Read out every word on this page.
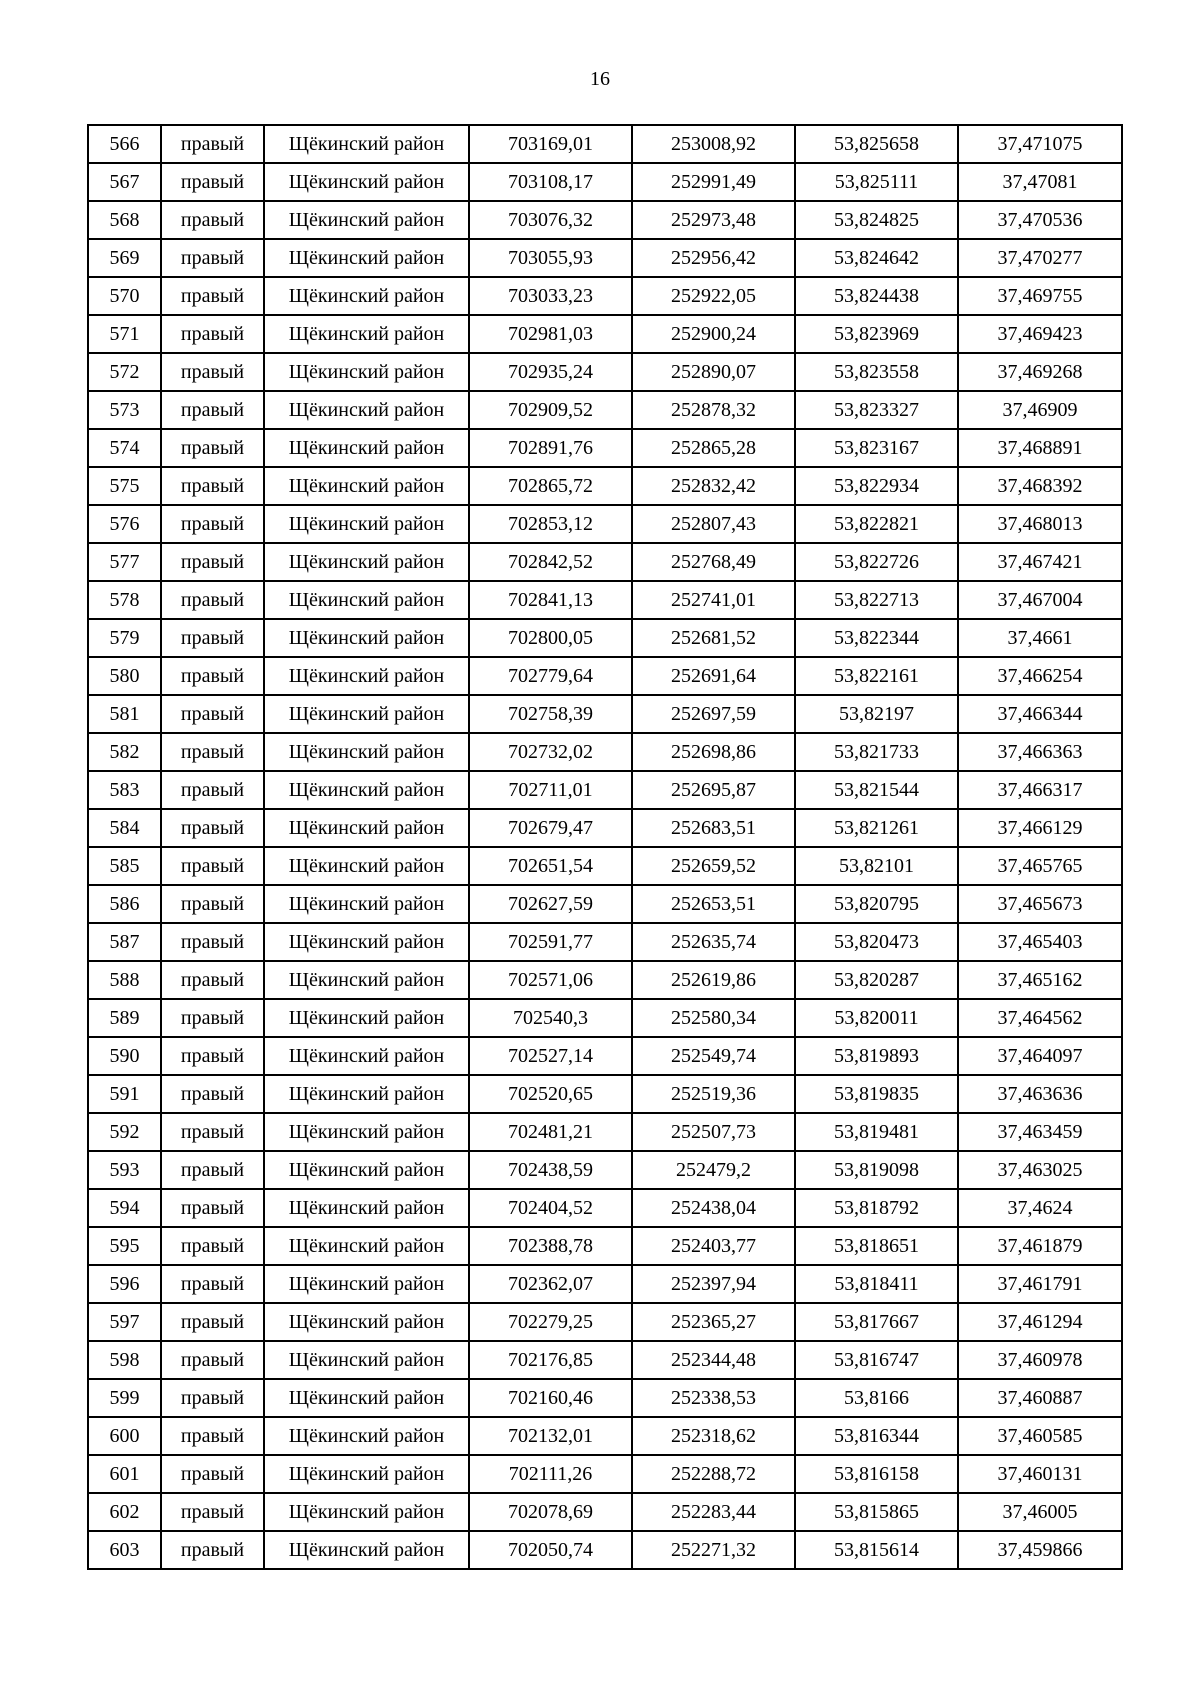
16
566	правый	Щёкинский район	703169,01	253008,92	53,825658	37,471075
567	правый	Щёкинский район	703108,17	252991,49	53,825111	37,47081
568	правый	Щёкинский район	703076,32	252973,48	53,824825	37,470536
569	правый	Щёкинский район	703055,93	252956,42	53,824642	37,470277
570	правый	Щёкинский район	703033,23	252922,05	53,824438	37,469755
571	правый	Щёкинский район	702981,03	252900,24	53,823969	37,469423
572	правый	Щёкинский район	702935,24	252890,07	53,823558	37,469268
573	правый	Щёкинский район	702909,52	252878,32	53,823327	37,46909
574	правый	Щёкинский район	702891,76	252865,28	53,823167	37,468891
575	правый	Щёкинский район	702865,72	252832,42	53,822934	37,468392
576	правый	Щёкинский район	702853,12	252807,43	53,822821	37,468013
577	правый	Щёкинский район	702842,52	252768,49	53,822726	37,467421
578	правый	Щёкинский район	702841,13	252741,01	53,822713	37,467004
579	правый	Щёкинский район	702800,05	252681,52	53,822344	37,4661
580	правый	Щёкинский район	702779,64	252691,64	53,822161	37,466254
581	правый	Щёкинский район	702758,39	252697,59	53,82197	37,466344
582	правый	Щёкинский район	702732,02	252698,86	53,821733	37,466363
583	правый	Щёкинский район	702711,01	252695,87	53,821544	37,466317
584	правый	Щёкинский район	702679,47	252683,51	53,821261	37,466129
585	правый	Щёкинский район	702651,54	252659,52	53,82101	37,465765
586	правый	Щёкинский район	702627,59	252653,51	53,820795	37,465673
587	правый	Щёкинский район	702591,77	252635,74	53,820473	37,465403
588	правый	Щёкинский район	702571,06	252619,86	53,820287	37,465162
589	правый	Щёкинский район	702540,3	252580,34	53,820011	37,464562
590	правый	Щёкинский район	702527,14	252549,74	53,819893	37,464097
591	правый	Щёкинский район	702520,65	252519,36	53,819835	37,463636
592	правый	Щёкинский район	702481,21	252507,73	53,819481	37,463459
593	правый	Щёкинский район	702438,59	252479,2	53,819098	37,463025
594	правый	Щёкинский район	702404,52	252438,04	53,818792	37,4624
595	правый	Щёкинский район	702388,78	252403,77	53,818651	37,461879
596	правый	Щёкинский район	702362,07	252397,94	53,818411	37,461791
597	правый	Щёкинский район	702279,25	252365,27	53,817667	37,461294
598	правый	Щёкинский район	702176,85	252344,48	53,816747	37,460978
599	правый	Щёкинский район	702160,46	252338,53	53,8166	37,460887
600	правый	Щёкинский район	702132,01	252318,62	53,816344	37,460585
601	правый	Щёкинский район	702111,26	252288,72	53,816158	37,460131
602	правый	Щёкинский район	702078,69	252283,44	53,815865	37,46005
603	правый	Щёкинский район	702050,74	252271,32	53,815614	37,459866
